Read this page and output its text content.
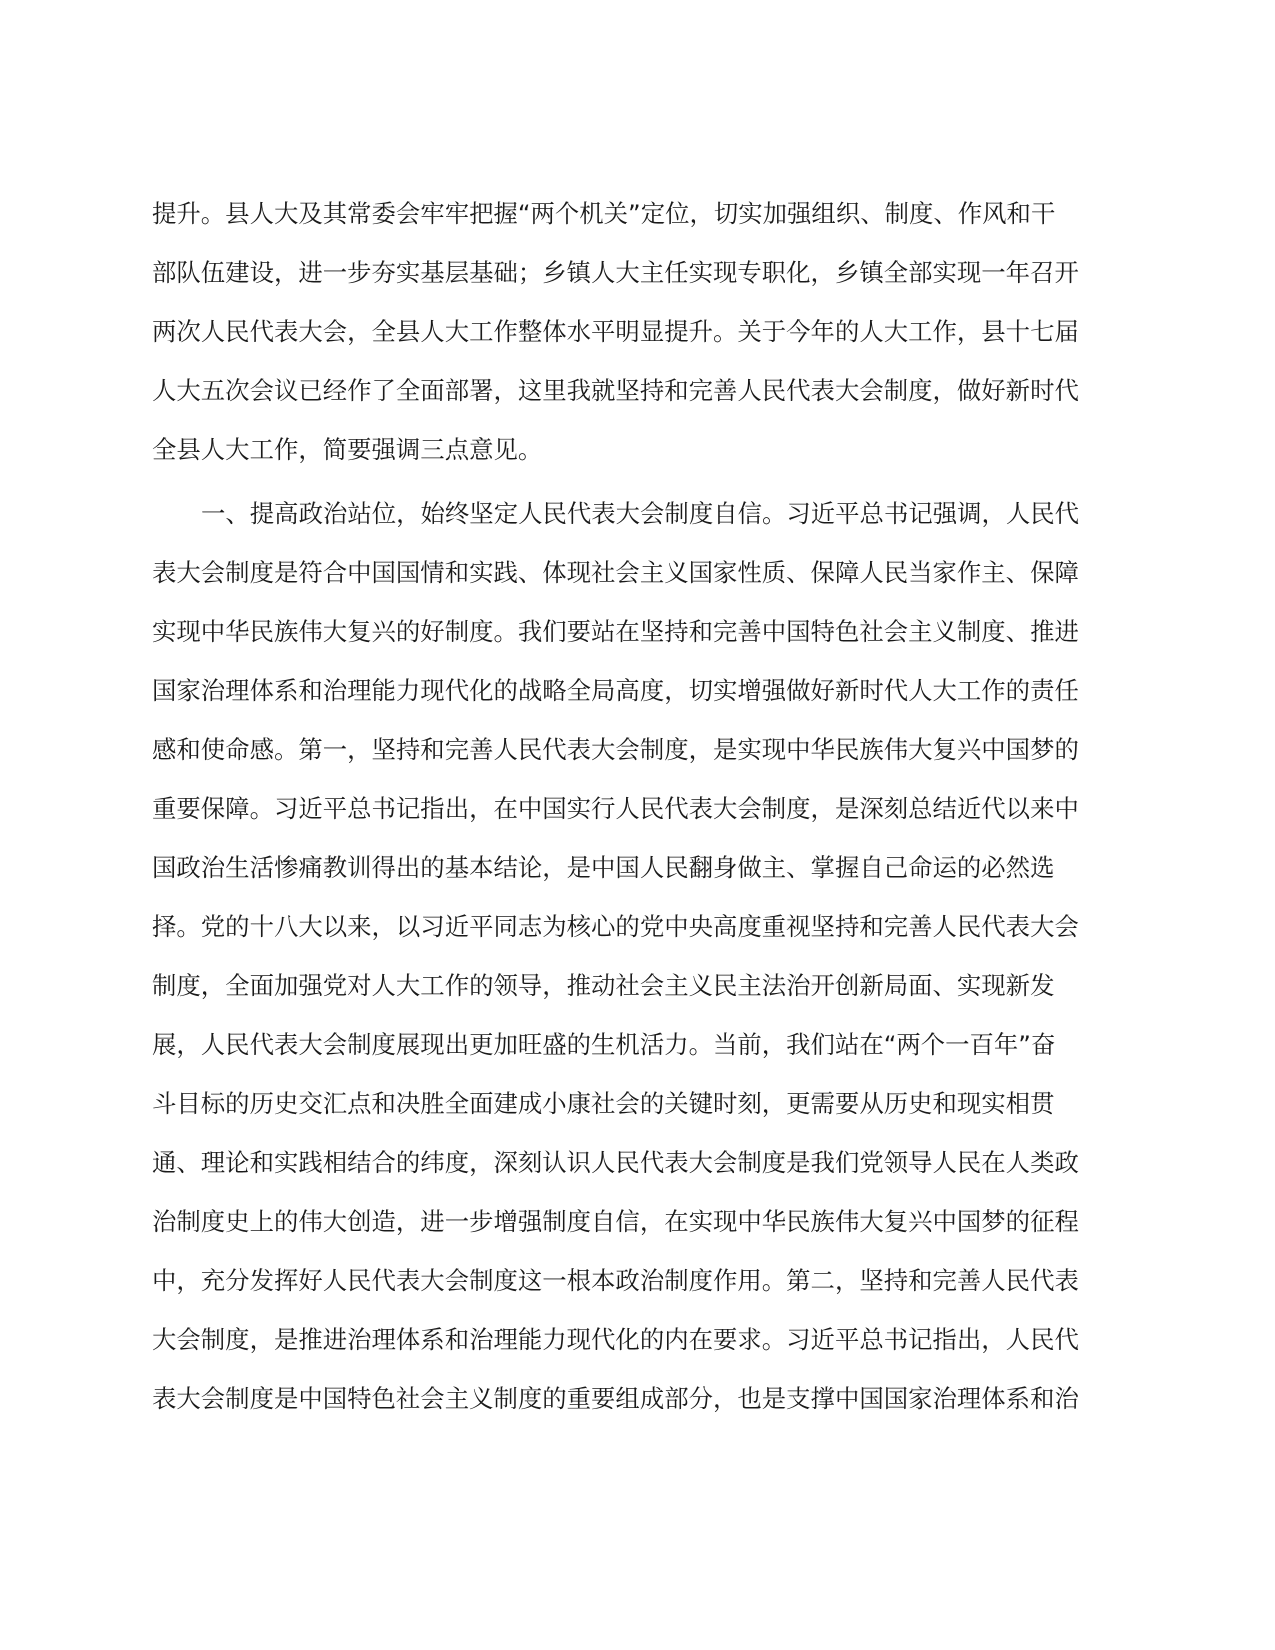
提升。县人大及其常委会牢牢把握“两个机关”定位，切实加强组织、制度、作风和干
部队伍建设，进一步夯实基层基础；乡镇人大主任实现专职化，乡镇全部实现一年召开
两次人民代表大会，全县人大工作整体水平明显提升。关于今年的人大工作，县十七届
人大五次会议已经作了全面部署，这里我就坚持和完善人民代表大会制度，做好新时代
全县人大工作，简要强调三点意见。
一、提高政治站位，始终坚定人民代表大会制度自信。习近平总书记强调，人民代
表大会制度是符合中国国情和实践、体现社会主义国家性质、保障人民当家作主、保障
实现中华民族伟大复兴的好制度。我们要站在坚持和完善中国特色社会主义制度、推进
国家治理体系和治理能力现代化的战略全局高度，切实增强做好新时代人大工作的责任
感和使命感。第一，坚持和完善人民代表大会制度，是实现中华民族伟大复兴中国梦的
重要保障。习近平总书记指出，在中国实行人民代表大会制度，是深刻总结近代以来中
国政治生活惨痛教训得出的基本结论，是中国人民翻身做主、掌握自己命运的必然选
择。党的十八大以来，以习近平同志为核心的党中央高度重视坚持和完善人民代表大会
制度，全面加强党对人大工作的领导，推动社会主义民主法治开创新局面、实现新发
展，人民代表大会制度展现出更加旺盛的生机活力。当前，我们站在“两个一百年”奋
斗目标的历史交汇点和决胜全面建成小康社会的关键时刻，更需要从历史和现实相贯
通、理论和实践相结合的纬度，深刻认识人民代表大会制度是我们党领导人民在人类政
治制度史上的伟大创造，进一步增强制度自信，在实现中华民族伟大复兴中国梦的征程
中，充分发挥好人民代表大会制度这一根本政治制度作用。第二，坚持和完善人民代表
大会制度，是推进治理体系和治理能力现代化的内在要求。习近平总书记指出，人民代
表大会制度是中国特色社会主义制度的重要组成部分，也是支撑中国国家治理体系和治
